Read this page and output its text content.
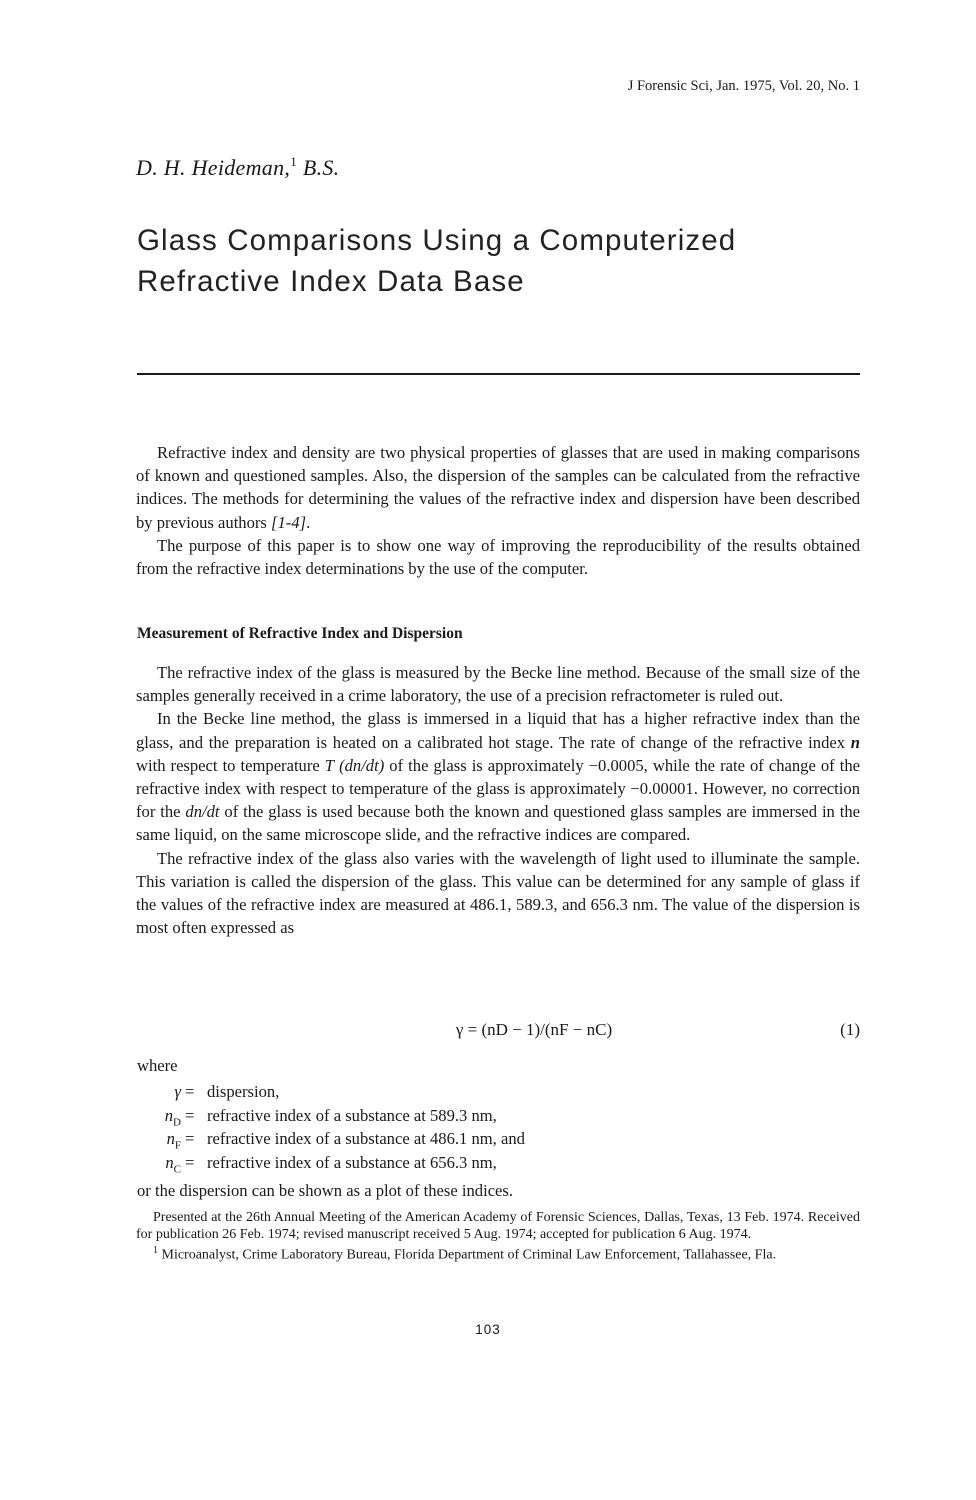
J Forensic Sci, Jan. 1975, Vol. 20, No. 1
D. H. Heideman,$^1$ B.S.
Glass Comparisons Using a Computerized
Refractive Index Data Base

Refractive index and density are two physical properties of glasses that are used in making comparisons of known and questioned samples. Also, the dispersion of the samples can be calculated from the refractive indices. The methods for determining the values of the refractive index and dispersion have been described by previous authors [1-4].

The purpose of this paper is to show one way of improving the reproducibility of the results obtained from the refractive index determinations by the use of the computer.

Measurement of Refractive Index and Dispersion

The refractive index of the glass is measured by the Becke line method. Because of the small size of the samples generally received in a crime laboratory, the use of a precision refractometer is ruled out.

In the Becke line method, the glass is immersed in a liquid that has a higher refractive index than the glass, and the preparation is heated on a calibrated hot stage. The rate of change of the refractive index n with respect to temperature T (dn/dt) of the glass is approximately −0.0005, while the rate of change of the refractive index with respect to temperature of the glass is approximately −0.00001. However, no correction for the dn/dt of the glass is used because both the known and questioned glass samples are immersed in the same liquid, on the same microscope slide, and the refractive indices are compared.

The refractive index of the glass also varies with the wavelength of light used to illuminate the sample. This variation is called the dispersion of the glass. This value can be determined for any sample of glass if the values of the refractive index are measured at 486.1, 589.3, and 656.3 nm. The value of the dispersion is most often expressed as

γ = (nD − 1)/(nF − nC)	(1)
where
γ = dispersion,
$n_D$ = refractive index of a substance at 589.3 nm,
$n_F$ = refractive index of a substance at 486.1 nm, and
$n_C$ = refractive index of a substance at 656.3 nm,
or the dispersion can be shown as a plot of these indices.

Presented at the 26th Annual Meeting of the American Academy of Forensic Sciences, Dallas, Texas, 13 Feb. 1974. Received for publication 26 Feb. 1974; revised manuscript received 5 Aug. 1974; accepted for publication 6 Aug. 1974.

$^1$ Microanalyst, Crime Laboratory Bureau, Florida Department of Criminal Law Enforcement, Tallahassee, Fla.

103
